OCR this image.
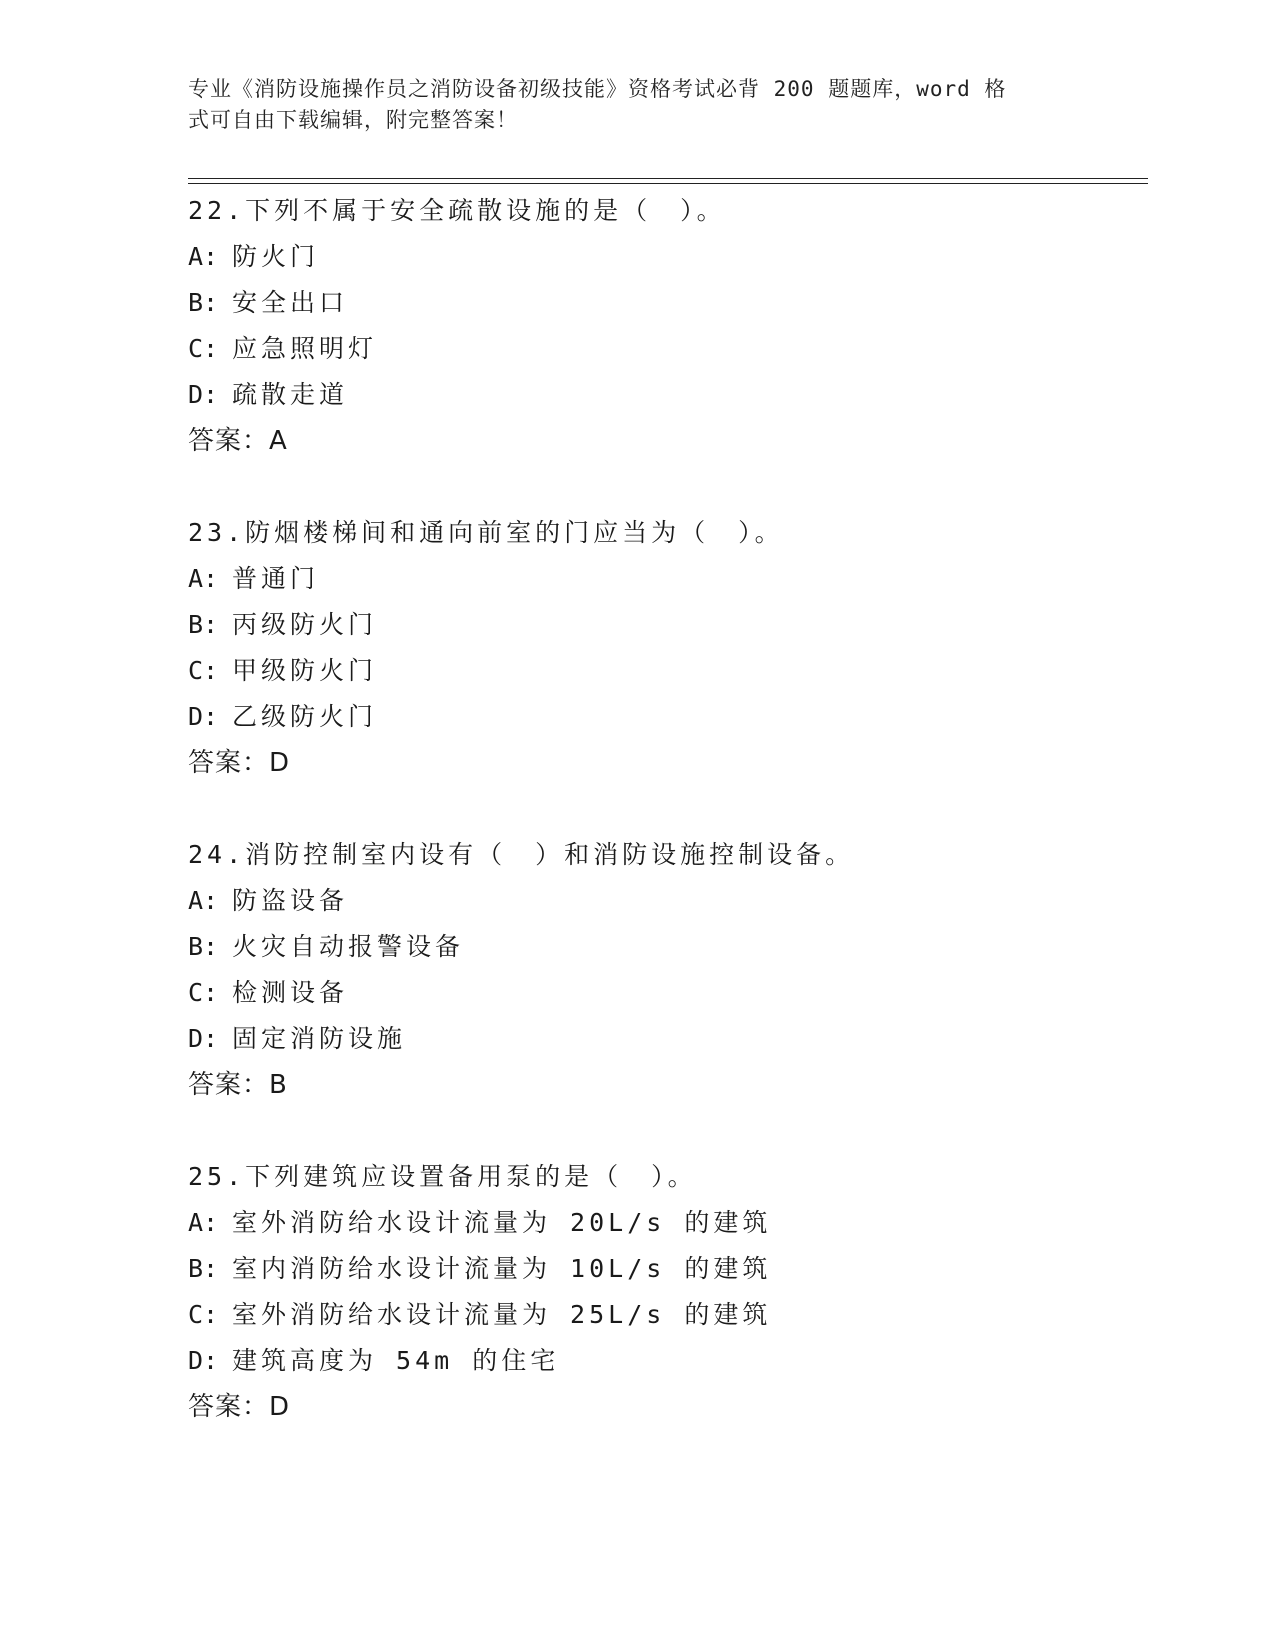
专业《消防设施操作员之消防设备初级技能》资格考试必背 200 题题库，word 格
式可自由下载编辑，附完整答案！
22.下列不属于安全疏散设施的是（　）。
A: 防火门
B: 安全出口
C: 应急照明灯
D: 疏散走道
答案：A
23.防烟楼梯间和通向前室的门应当为（　）。
A: 普通门
B: 丙级防火门
C: 甲级防火门
D: 乙级防火门
答案：D
24.消防控制室内设有（　）和消防设施控制设备。
A: 防盗设备
B: 火灾自动报警设备
C: 检测设备
D: 固定消防设施
答案：B
25.下列建筑应设置备用泵的是（　）。
A: 室外消防给水设计流量为 20L/s 的建筑
B: 室内消防给水设计流量为 10L/s 的建筑
C: 室外消防给水设计流量为 25L/s 的建筑
D: 建筑高度为 54m 的住宅
答案：D
